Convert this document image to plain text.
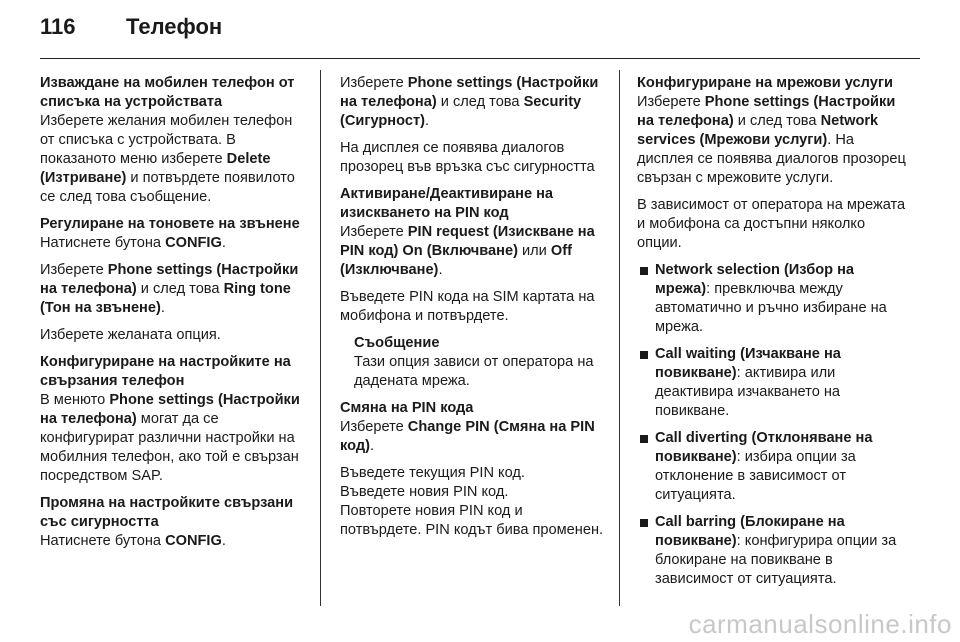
116	Телефон
Изваждане на мобилен телефон от списъка на устройствата
Изберете желания мобилен телефон от списъка с устройствата. В показаното меню изберете Delete (Изтриване) и потвърдете появилото се след това съобщение.
Регулиране на тоновете на звънене
Натиснете бутона CONFIG.
Изберете Phone settings (Настройки на телефона) и след това Ring tone (Тон на звънене).
Изберете желаната опция.
Конфигуриране на настройките на свързания телефон
В менюто Phone settings (Настройки на телефона) могат да се конфигурират различни настройки на мобилния телефон, ако той е свързан посредством SAP.
Промяна на настройките свързани със сигурността
Натиснете бутона CONFIG.
Изберете Phone settings (Настройки на телефона) и след това Security (Сигурност).
На дисплея се появява диалогов прозорец във връзка със сигурността
Активиране/Деактивиране на изискването на PIN код
Изберете PIN request (Изискване на PIN код) On (Включване) или Off (Изключване).
Въведете PIN кода на SIM картата на мобифона и потвърдете.
Съобщение
Тази опция зависи от оператора на дадената мрежа.
Смяна на PIN кода
Изберете Change PIN (Смяна на PIN код).
Въведете текущия PIN код.
Въведете новия PIN код.
Повторете новия PIN код и потвърдете. PIN кодът бива променен.
Конфигуриране на мрежови услуги
Изберете Phone settings (Настройки на телефона) и след това Network services (Мрежови услуги). На дисплея се появява диалогов прозорец свързан с мрежовите услуги.
В зависимост от оператора на мрежата и мобифона са достъпни няколко опции.
Network selection (Избор на мрежа): превключва между автоматично и ръчно избиране на мрежа.
Call waiting (Изчакване на повикване): активира или деактивира изчакването на повикване.
Call diverting (Отклоняване на повикване): избира опции за отклонение в зависимост от ситуацията.
Call barring (Блокиране на повикване): конфигурира опции за блокиране на повикване в зависимост от ситуацията.
carmanualsonline.info
